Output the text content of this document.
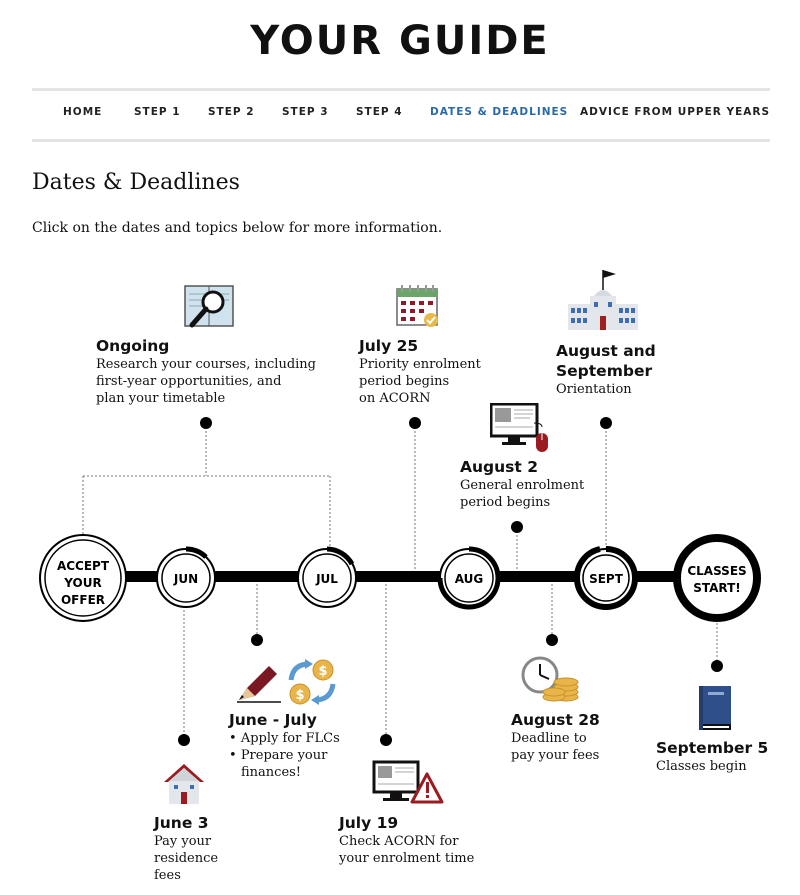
YOUR GUIDE
HOME	STEP 1	STEP 2	STEP 3	STEP 4	DATES & DEADLINES ADVICE FROM UPPER YEARS
Dates & Deadlines
Click on the dates and topics below for more information.
ACCEPT
YOUR
OFFER
JUN	JUL	AUG	SEPT
CLASSES
START!
$
$
Ongoing
Research your courses, including
first-year opportunities, and
plan your timetable
July 25
Priority enrolment
period begins
on ACORN
August and
September
Orientation
August 2
General enrolment
period begins
June - July
• Apply for FLCs
• Prepare your finances!
June 3
Pay your
residence
fees
July 19
Check ACORN for
your enrolment time
August 28
Deadline to
pay your fees	September 5
Classes begin
